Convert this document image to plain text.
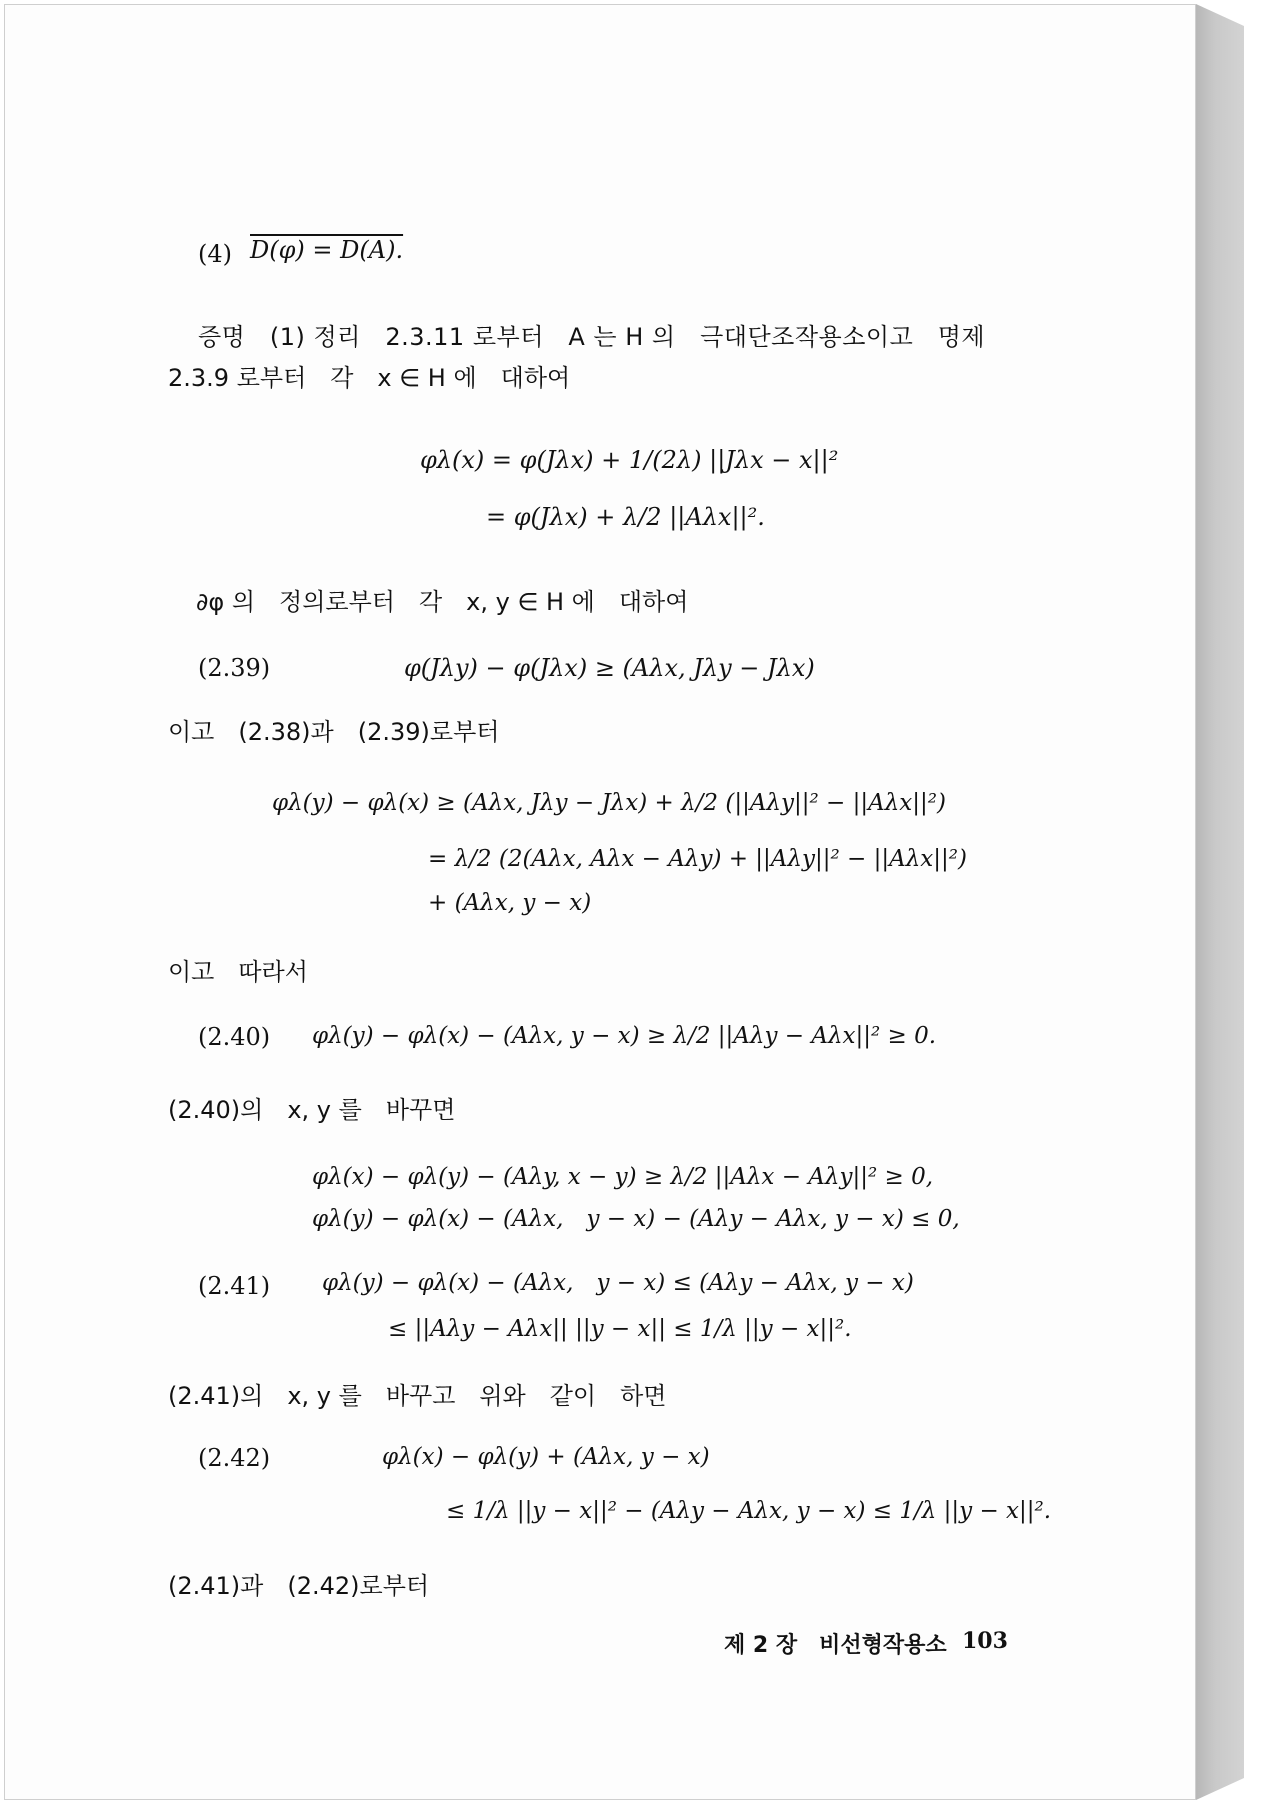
(4) D(φ) = D(A).
증명　(1) 정리　2.3.11 로부터　A 는 H 의　극대단조작용소이고　명제
2.3.9 로부터　각　x ∈ H 에　대하여
φλ(x) = φ(Jλx) + 1/(2λ) ||Jλx − x||²
= φ(Jλx) + λ/2 ||Aλx||².
∂φ 의　정의로부터　각　x, y ∈ H 에　대하여
(2.39)	φ(Jλy) − φ(Jλx) ≥ (Aλx, Jλy − Jλx)
이고　(2.38)과　(2.39)로부터
φλ(y) − φλ(x) ≥ (Aλx, Jλy − Jλx) + λ/2 (||Aλy||² − ||Aλx||²)
= λ/2 (2(Aλx, Aλx − Aλy) + ||Aλy||² − ||Aλx||²)
+ (Aλx, y − x)
이고　따라서
(2.40) φλ(y) − φλ(x) − (Aλx, y − x) ≥ λ/2 ||Aλy − Aλx||² ≥ 0.
(2.40)의　x, y 를　바꾸면
φλ(x) − φλ(y) − (Aλy, x − y) ≥ λ/2 ||Aλx − Aλy||² ≥ 0,
φλ(y) − φλ(x) − (Aλx,　y − x) − (Aλy − Aλx, y − x) ≤ 0,
(2.41) φλ(y) − φλ(x) − (Aλx,　y − x) ≤ (Aλy − Aλx, y − x)
≤ ||Aλy − Aλx|| ||y − x|| ≤ 1/λ ||y − x||².
(2.41)의　x, y 를　바꾸고　위와　같이　하면
(2.42)	φλ(x) − φλ(y) + (Aλx, y − x)
≤ 1/λ ||y − x||² − (Aλy − Aλx, y − x) ≤ 1/λ ||y − x||².
(2.41)과　(2.42)로부터
제 2 장　비선형작용소 103
